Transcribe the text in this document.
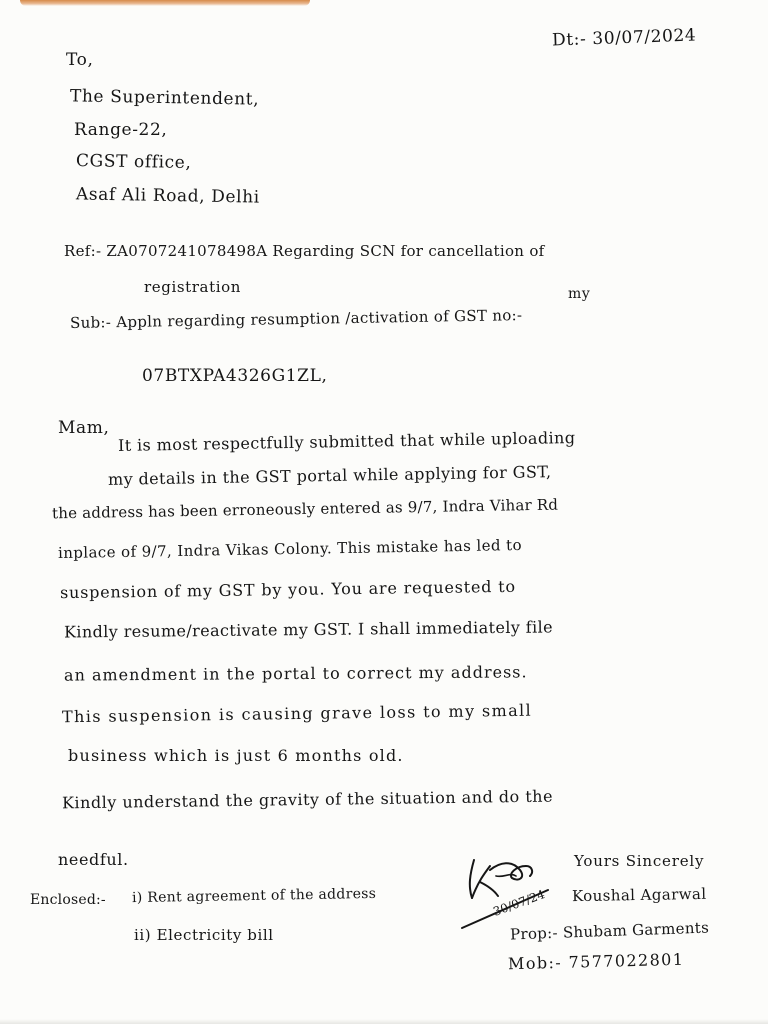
Dt:- 30/07/2024
To,
The Superintendent,
Range-22,
CGST office,
Asaf Ali Road, Delhi
Ref:- ZA0707241078498A Regarding SCN for cancellation of
registration	my
Sub:- Appln regarding resumption /activation of GST no:-
07BTXPA4326G1ZL,
Mam,
It is most respectfully submitted that while uploading
my details in the GST portal while applying for GST,
the address has been erroneously entered as 9/7, Indra Vihar Rd
inplace of 9/7, Indra Vikas Colony. This mistake has led to
suspension of my GST by you. You are requested to
Kindly resume/reactivate my GST. I shall immediately file
an amendment in the portal to correct my address.
This suspension is causing grave loss to my small
business which is just 6 months old.
Kindly understand the gravity of the situation and do the
needful.
30/07/24
Yours Sincerely
Koushal Agarwal
Prop:- Shubam Garments
Mob:- 7577022801
Enclosed:- i) Rent agreement of the address
ii) Electricity bill
